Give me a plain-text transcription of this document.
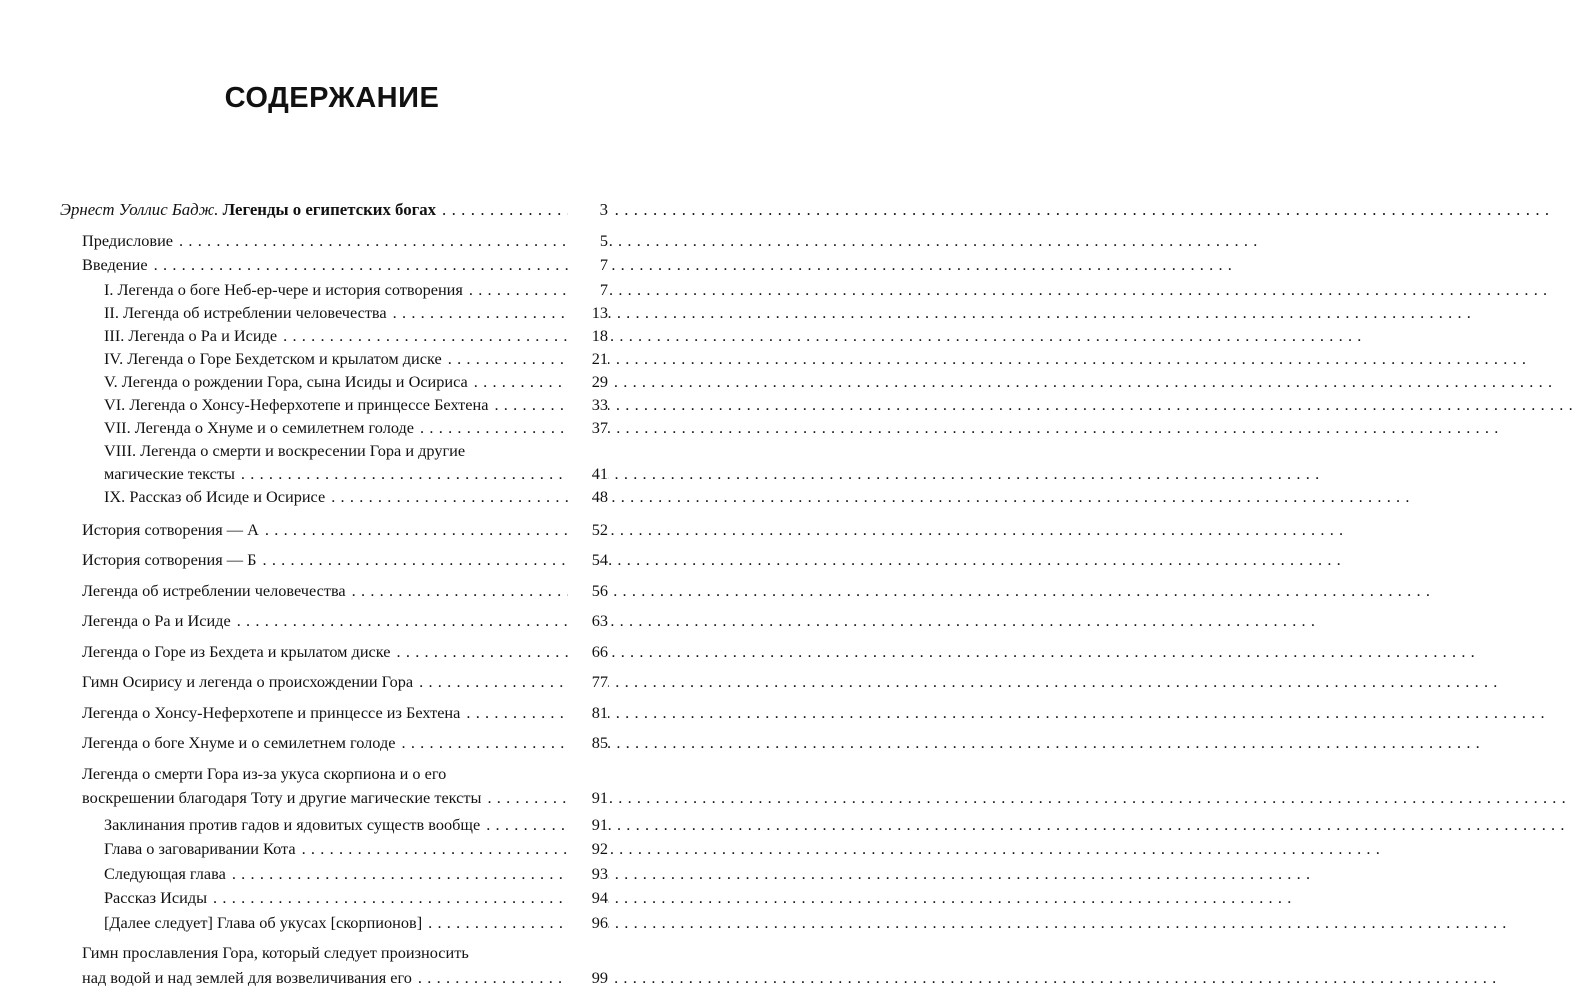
СОДЕРЖАНИЕ
Эрнест Уоллис Бадж. Легенды о египетских богах . . .	3
Предисловие . . .	5
Введение . . .	7
I. Легенда о боге Неб-ер-чере и история сотворения . . .	7
II. Легенда об истреблении человечества . . .	13
III. Легенда о Ра и Исиде . . .	18
IV. Легенда о Горе Бехдетском и крылатом диске . . .	21
V. Легенда о рождении Гора, сына Исиды и Осириса . . .	29
VI. Легенда о Хонсу-Неферхотепе и принцессе Бехтена . . .	33
VII. Легенда о Хнуме и о семилетнем голоде . . .	37
VIII. Легенда о смерти и воскресении Гора и другие
магические тексты . . .	41
IX. Рассказ об Исиде и Осирисе . . .	48
История сотворения — А . . .	52
История сотворения — Б . . .	54
Легенда об истреблении человечества . . .	56
Легенда о Ра и Исиде . . .	63
Легенда о Горе из Бехдета и крылатом диске . . .	66
Гимн Осирису и легенда о происхождении Гора . . .	77
Легенда о Хонсу-Неферхотепе и принцессе из Бехтена . . .	81
Легенда о боге Хнуме и о семилетнем голоде . . .	85
Легенда о смерти Гора из-за укуса скорпиона и о его
воскрешении благодаря Тоту и другие магические тексты . . .	91
Заклинания против гадов и ядовитых существ вообще . . .	91
Глава о заговаривании Кота . . .	92
Следующая глава . . .	93
Рассказ Исиды . . .	94
[Далее следует] Глава об укусах [скорпионов] . . .	96
Гимн прославления Гора, который следует произносить
над водой и над землей для возвеличивания его . . .	99
